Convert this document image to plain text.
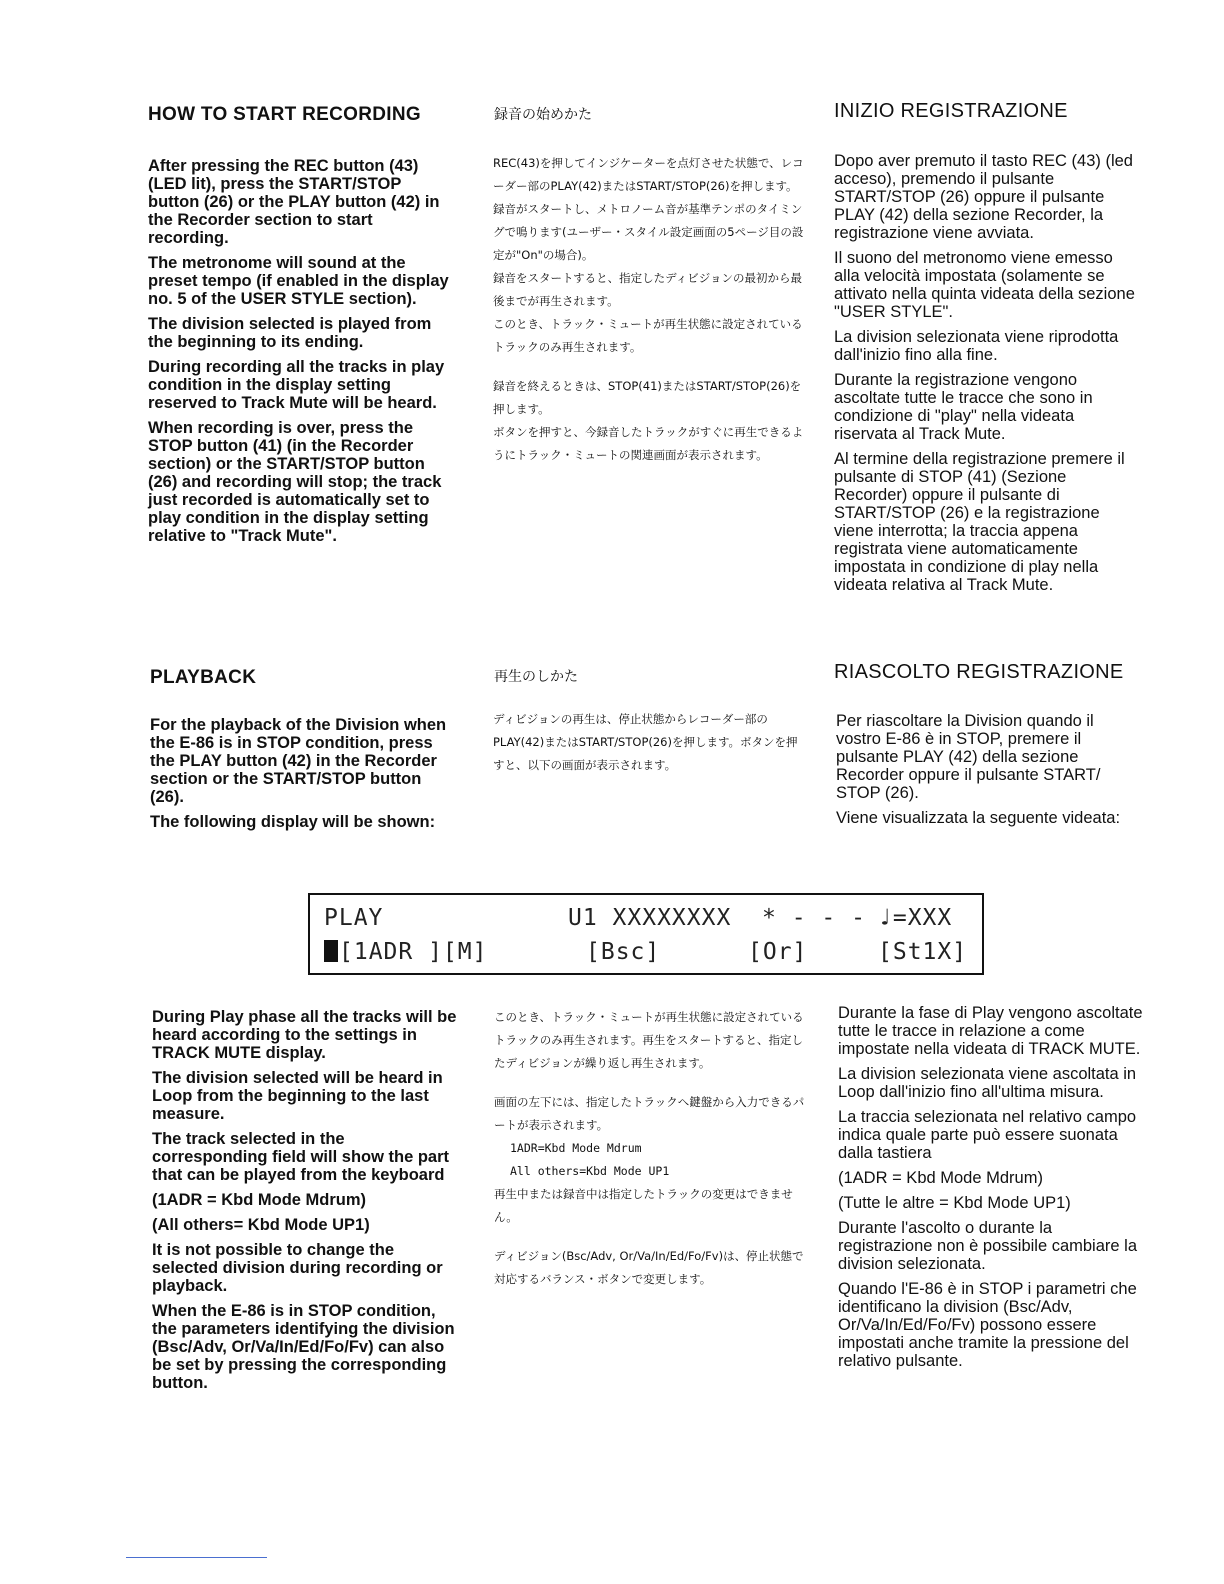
HOW TO START RECORDING	録音の始めかた	INIZIO REGISTRAZIONE

After pressing the REC button (43) (LED lit), press the START/STOP button (26) or the PLAY button (42) in the Recorder section to start recording.

The metronome will sound at the preset tempo (if enabled in the display no. 5 of the USER STYLE section).

The division selected is played from the beginning to its ending.

During recording all the tracks in play condition in the display setting reserved to Track Mute will be heard.

When recording is over, press the STOP button (41) (in the Recorder section) or the START/STOP button (26) and recording will stop; the track just recorded is automatically set to play condition in the display setting relative to "Track Mute".

REC(43)を押してインジケーターを点灯させた状態で、レコーダー部のPLAY(42)またはSTART/STOP(26)を押します。録音がスタートし、メトロノーム音が基準テンポのタイミングで鳴ります(ユーザー・スタイル設定画面の5ページ目の設定が"On"の場合)。

録音をスタートすると、指定したディビジョンの最初から最後までが再生されます。

このとき、トラック・ミュートが再生状態に設定されているトラックのみ再生されます。

録音を終えるときは、STOP(41)またはSTART/STOP(26)を押します。

ボタンを押すと、今録音したトラックがすぐに再生できるようにトラック・ミュートの関連画面が表示されます。

Dopo aver premuto il tasto REC (43) (led acceso), premendo il pulsante START/STOP (26) oppure il pulsante PLAY (42) della sezione Recorder, la registrazione viene avviata.

Il suono del metronomo viene emesso alla velocità impostata (solamente se attivato nella quinta videata della sezione "USER STYLE".

La division selezionata viene riprodotta dall'inizio fino alla fine.

Durante la registrazione vengono ascoltate tutte le tracce che sono in condizione di "play" nella videata riservata al Track Mute.

Al termine della registrazione premere il pulsante di STOP (41) (Sezione Recorder) oppure il pulsante di START/STOP (26) e la registrazione viene interrotta; la traccia appena registrata viene automaticamente impostata in condizione di play nella videata relativa al Track Mute.

PLAYBACK	再生のしかた	RIASCOLTO REGISTRAZIONE

For the playback of the Division when the E-86 is in STOP condition, press the PLAY button (42) in the Recorder section or the START/STOP button (26).

The following display will be shown:

ディビジョンの再生は、停止状態からレコーダー部のPLAY(42)またはSTART/STOP(26)を押します。ボタンを押すと、以下の画面が表示されます。

Per riascoltare la Division quando il vostro E-86 è in STOP, premere il pulsante PLAY (42) della sezione Recorder oppure il pulsante START/ STOP (26).

Viene visualizzata la seguente videata:

PLAY	U1 XXXXXXXX * - - - ♩=XXX
[1ADR ][M]	[Bsc]	[Or]	[St1X]

During Play phase all the tracks will be heard according to the settings in TRACK MUTE display.

The division selected will be heard in Loop from the beginning to the last measure.

The track selected in the corresponding field will show the part that can be played from the keyboard

(1ADR = Kbd Mode Mdrum)

(All others= Kbd Mode UP1)

It is not possible to change the selected division during recording or playback.

When the E-86 is in STOP condition, the parameters identifying the division (Bsc/Adv, Or/Va/In/Ed/Fo/Fv) can also be set by pressing the corresponding button.

このとき、トラック・ミュートが再生状態に設定されているトラックのみ再生されます。再生をスタートすると、指定したディビジョンが繰り返し再生されます。

画面の左下には、指定したトラックへ鍵盤から入力できるパートが表示されます。

1ADR=Kbd Mode Mdrum

All others=Kbd Mode UP1

再生中または録音中は指定したトラックの変更はできません。

ディビジョン(Bsc/Adv, Or/Va/In/Ed/Fo/Fv)は、停止状態で対応するバランス・ボタンで変更します。

Durante la fase di Play vengono ascoltate tutte le tracce in relazione a come impostate nella videata di TRACK MUTE.

La division selezionata viene ascoltata in Loop dall'inizio fino all'ultima misura.

La traccia selezionata nel relativo campo indica quale parte può essere suonata dalla tastiera

(1ADR = Kbd Mode Mdrum)

(Tutte le altre = Kbd Mode UP1)

Durante l'ascolto o durante la registrazione non è possibile cambiare la division selezionata.

Quando l'E-86 è in STOP i parametri che identificano la division (Bsc/Adv, Or/Va/In/Ed/Fo/Fv) possono essere impostati anche tramite la pressione del relativo pulsante.
